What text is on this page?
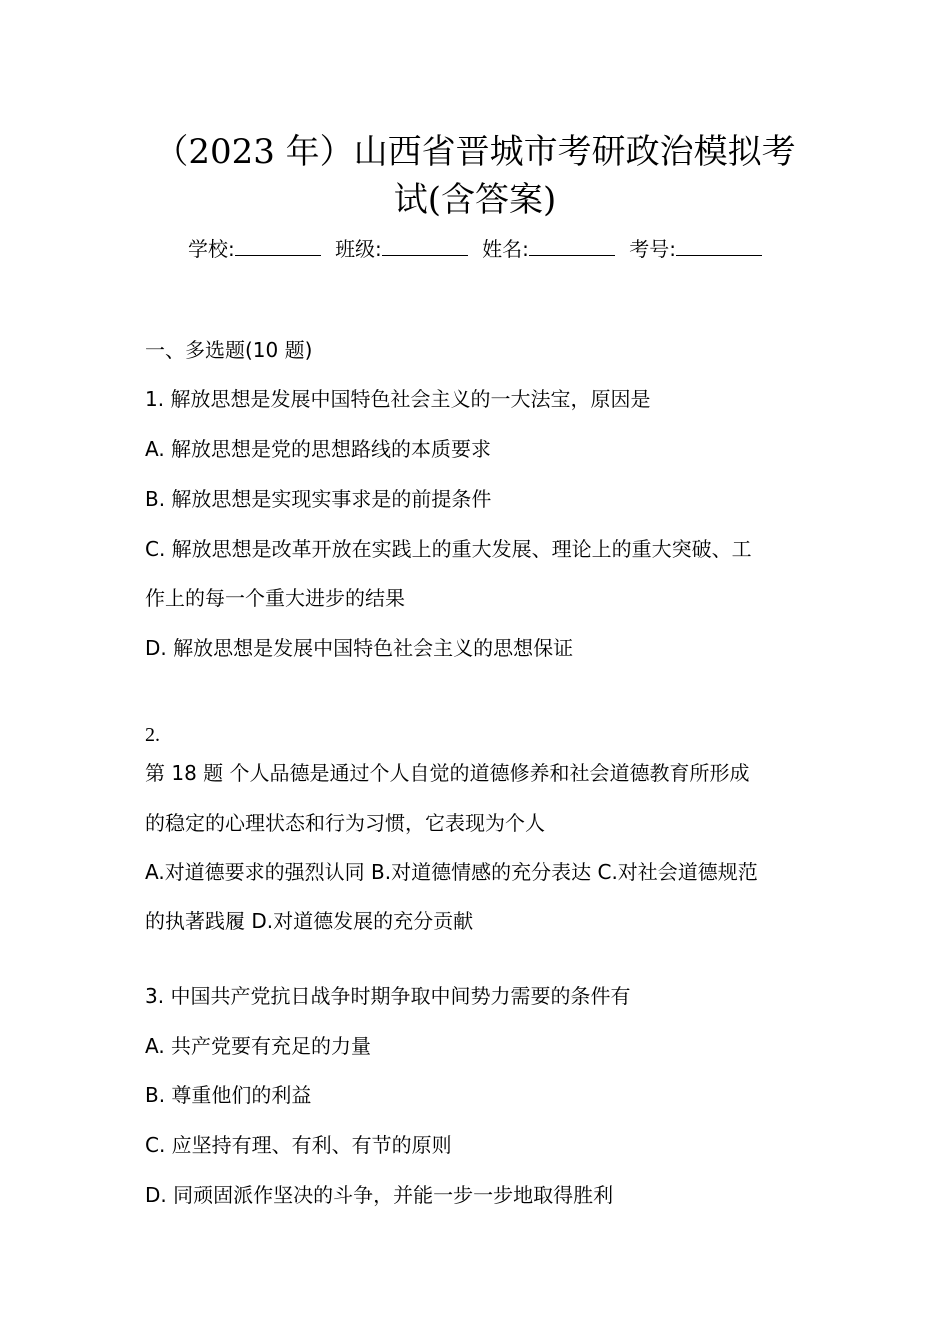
（2023 年）山西省晋城市考研政治模拟考
试(含答案)
学校:	班级:	姓名:	考号:
一、多选题(10 题)
1. 解放思想是发展中国特色社会主义的一大法宝，原因是
A. 解放思想是党的思想路线的本质要求
B. 解放思想是实现实事求是的前提条件
C. 解放思想是改革开放在实践上的重大发展、理论上的重大突破、工
作上的每一个重大进步的结果
D. 解放思想是发展中国特色社会主义的思想保证
2.
第 18 题 个人品德是通过个人自觉的道德修养和社会道德教育所形成
的稳定的心理状态和行为习惯，它表现为个人
A.对道德要求的强烈认同 B.对道德情感的充分表达 C.对社会道德规范
的执著践履 D.对道德发展的充分贡献
3. 中国共产党抗日战争时期争取中间势力需要的条件有
A. 共产党要有充足的力量
B. 尊重他们的利益
C. 应坚持有理、有利、有节的原则
D. 同顽固派作坚决的斗争，并能一步一步地取得胜利
